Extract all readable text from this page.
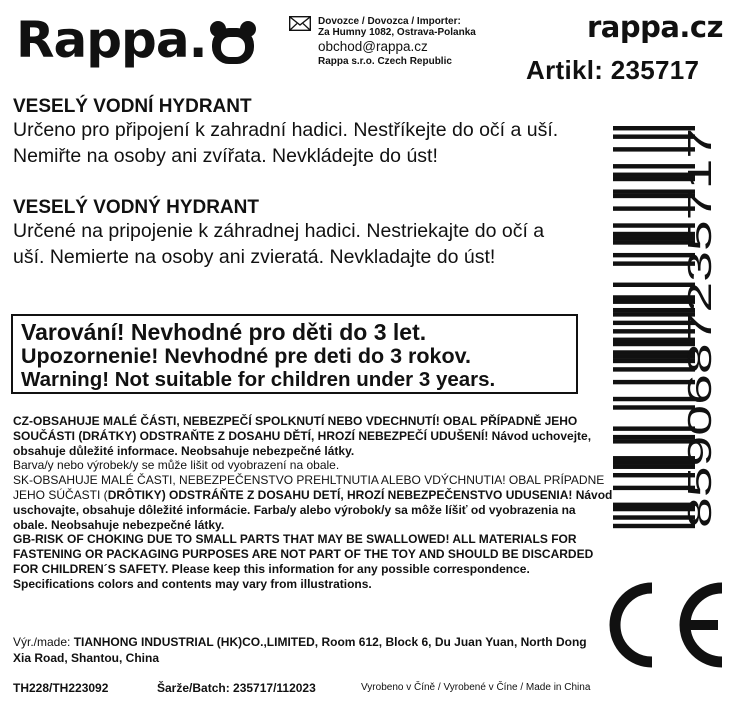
Rappa.	Dovozce / Dovozca / Importer:
Za Humny 1082, Ostrava-Polanka
obchod@rappa.cz
Rappa s.r.o. Czech Republic
rappa.cz
Artikl: 235717
VESELÝ VODNÍ HYDRANT
Určeno pro připojení k zahradní hadici. Nestříkejte do očí a uší. Nemiřte na osoby ani zvířata. Nevkládejte do úst!
VESELÝ VODNÝ HYDRANT
Určené na pripojenie k záhradnej hadici. Nestriekajte do očí a uší. Nemierte na osoby ani zvieratá. Nevkladajte do úst!
Varování! Nevhodné pro děti do 3 let.
Upozornenie! Nevhodné pre deti do 3 rokov.
Warning! Not suitable for children under 3 years.
CZ-OBSAHUJE MALÉ ČÁSTI, NEBEZPEČÍ SPOLKNUTÍ NEBO VDECHNUTÍ! OBAL PŘÍPADNĚ JEHO SOUČÁSTI (DRÁTKY) ODSTRAŇTE Z DOSAHU DĚTÍ, HROZÍ NEBEZPEČÍ UDUŠENÍ! Návod uchovejte, obsahuje důležité informace. Neobsahuje nebezpečné látky.
Barva/y nebo výrobek/y se může lišit od vyobrazení na obale.
SK-OBSAHUJE MALÉ ČASTI, NEBEZPEČENSTVO PREHLTNUTIA ALEBO VDÝCHNUTIA! OBAL PRÍPADNE JEHO SÚČASTI (DRÔTIKY) ODSTRÁŇTE Z DOSAHU DETÍ, HROZÍ NEBEZPEČENSTVO UDUSENIA! Návod uschovajte, obsahuje dôležité informácie. Farba/y alebo výrobok/y sa môže líšiť od vyobrazenia na obale. Neobsahuje nebezpečné látky.
GB-RISK OF CHOKING DUE TO SMALL PARTS THAT MAY BE SWALLOWED! ALL MATERIALS FOR FASTENING OR PACKAGING PURPOSES ARE NOT PART OF THE TOY AND SHOULD BE DISCARDED FOR CHILDREN´S SAFETY. Please keep this information for any possible correspondence. Specifications colors and contents may vary from illustrations.
Výr./made: TIANHONG INDUSTRIAL (HK)CO.,LIMITED, Room 612, Block 6, Du Juan Yuan, North Dong Xia Road, Shantou, China
TH228/TH223092	Šarže/Batch: 235717/112023	Vyrobeno v Číně / Vyrobené v Číne / Made in China
8590687235717
